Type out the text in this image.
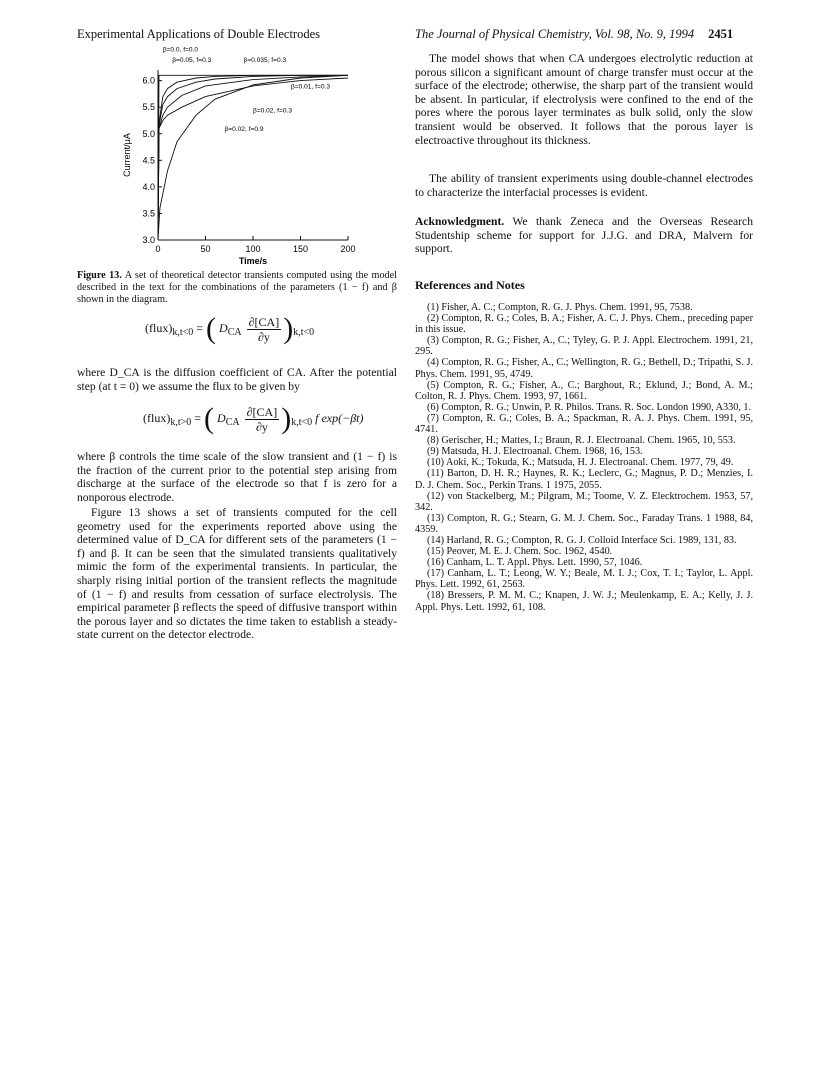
Experimental Applications of Double Electrodes	The Journal of Physical Chemistry, Vol. 98, No. 9, 1994 2451
0	50	100	150	200
3.0
3.5
4.0
4.5
5.0
5.5
6.0
Time/s
Current/μA
β=0.0, f=0.0
β=0.05, f=0.3	β=0.035, f=0.3
β=0.01, f=0.3
β=0.02, f=0.3
β=0.02, f=0.9
Figure 13. A set of theoretical detector transients computed using the model described in the text for the combinations of the parameters (1 − f) and β shown in the diagram.
$(flux)_{k,t<0}$ = ( $D_{CA} \frac{\partial[CA]}{\partial y} )_{k,t<0}$

where D_CA is the diffusion coefficient of CA. After the potential step (at t = 0) we assume the flux to be given by

$(flux)_{k,t>0}$ = ( $D_{CA} \frac{\partial[CA]}{\partial y} )_{k,t<0}$ f exp(−βt)

where β controls the time scale of the slow transient and (1 − f) is the fraction of the current prior to the potential step arising from discharge at the surface of the electrode so that f is zero for a nonporous electrode.

Figure 13 shows a set of transients computed for the cell geometry used for the experiments reported above using the determined value of D_CA for different sets of the parameters (1 − f) and β. It can be seen that the simulated transients qualitatively mimic the form of the experimental transients. In particular, the sharply rising initial portion of the transient reflects the magnitude of (1 − f) and results from cessation of surface electrolysis. The empirical parameter β reflects the speed of diffusive transport within the porous layer and so dictates the time taken to establish a steady-state current on the detector electrode.

The model shows that when CA undergoes electrolytic reduction at porous silicon a significant amount of charge transfer must occur at the surface of the electrode; otherwise, the sharp part of the transient would be absent. In particular, if electrolysis were confined to the end of the pores where the porous layer terminates as bulk solid, only the slow transient would be observed. It follows that the porous layer is electroactive throughout its thickness.

The ability of transient experiments using double-channel electrodes to characterize the interfacial processes is evident.

Acknowledgment. We thank Zeneca and the Overseas Research Studentship scheme for support for J.J.G. and DRA, Malvern for support.
References and Notes
(1) Fisher, A. C.; Compton, R. G. J. Phys. Chem. 1991, 95, 7538.
(2) Compton, R. G.; Coles, B. A.; Fisher, A. C. J. Phys. Chem., preceding paper in this issue.
(3) Compton, R. G.; Fisher, A., C.; Tyley, G. P. J. Appl. Electrochem. 1991, 21, 295.
(4) Compton, R. G.; Fisher, A., C.; Wellington, R. G.; Bethell, D.; Tripathi, S. J. Phys. Chem. 1991, 95, 4749.
(5) Compton, R. G.; Fisher, A., C.; Barghout, R.; Eklund, J.; Bond, A. M.; Colton, R. J. Phys. Chem. 1993, 97, 1661.
(6) Compton, R. G.; Unwin, P. R. Philos. Trans. R. Soc. London 1990, A330, 1.
(7) Compton, R. G.; Coles, B. A.; Spackman, R. A. J. Phys. Chem. 1991, 95, 4741.
(8) Gerischer, H.; Mattes, I.; Braun, R. J. Electroanal. Chem. 1965, 10, 553.
(9) Matsuda, H. J. Electroanal. Chem. 1968, 16, 153.
(10) Aoki, K.; Tokuda, K.; Matsuda, H. J. Electroanal. Chem. 1977, 79, 49.
(11) Barton, D. H. R.; Haynes, R. K.; Leclerc, G.; Magnus, P. D.; Menzies, I. D. J. Chem. Soc., Perkin Trans. 1 1975, 2055.
(12) von Stackelberg, M.; Pilgram, M.; Toome, V. Z. Elecktrochem. 1953, 57, 342.
(13) Compton, R. G.; Stearn, G. M. J. Chem. Soc., Faraday Trans. 1 1988, 84, 4359.
(14) Harland, R. G.; Compton, R. G. J. Colloid Interface Sci. 1989, 131, 83.
(15) Peover, M. E. J. Chem. Soc. 1962, 4540.
(16) Canham, L. T. Appl. Phys. Lett. 1990, 57, 1046.
(17) Canham, L. T.; Leong, W. Y.; Beale, M. I. J.; Cox, T. I.; Taylor, L. Appl. Phys. Lett. 1992, 61, 2563.
(18) Bressers, P. M. M. C.; Knapen, J. W. J.; Meulenkamp, E. A.; Kelly, J. J. Appl. Phys. Lett. 1992, 61, 108.
